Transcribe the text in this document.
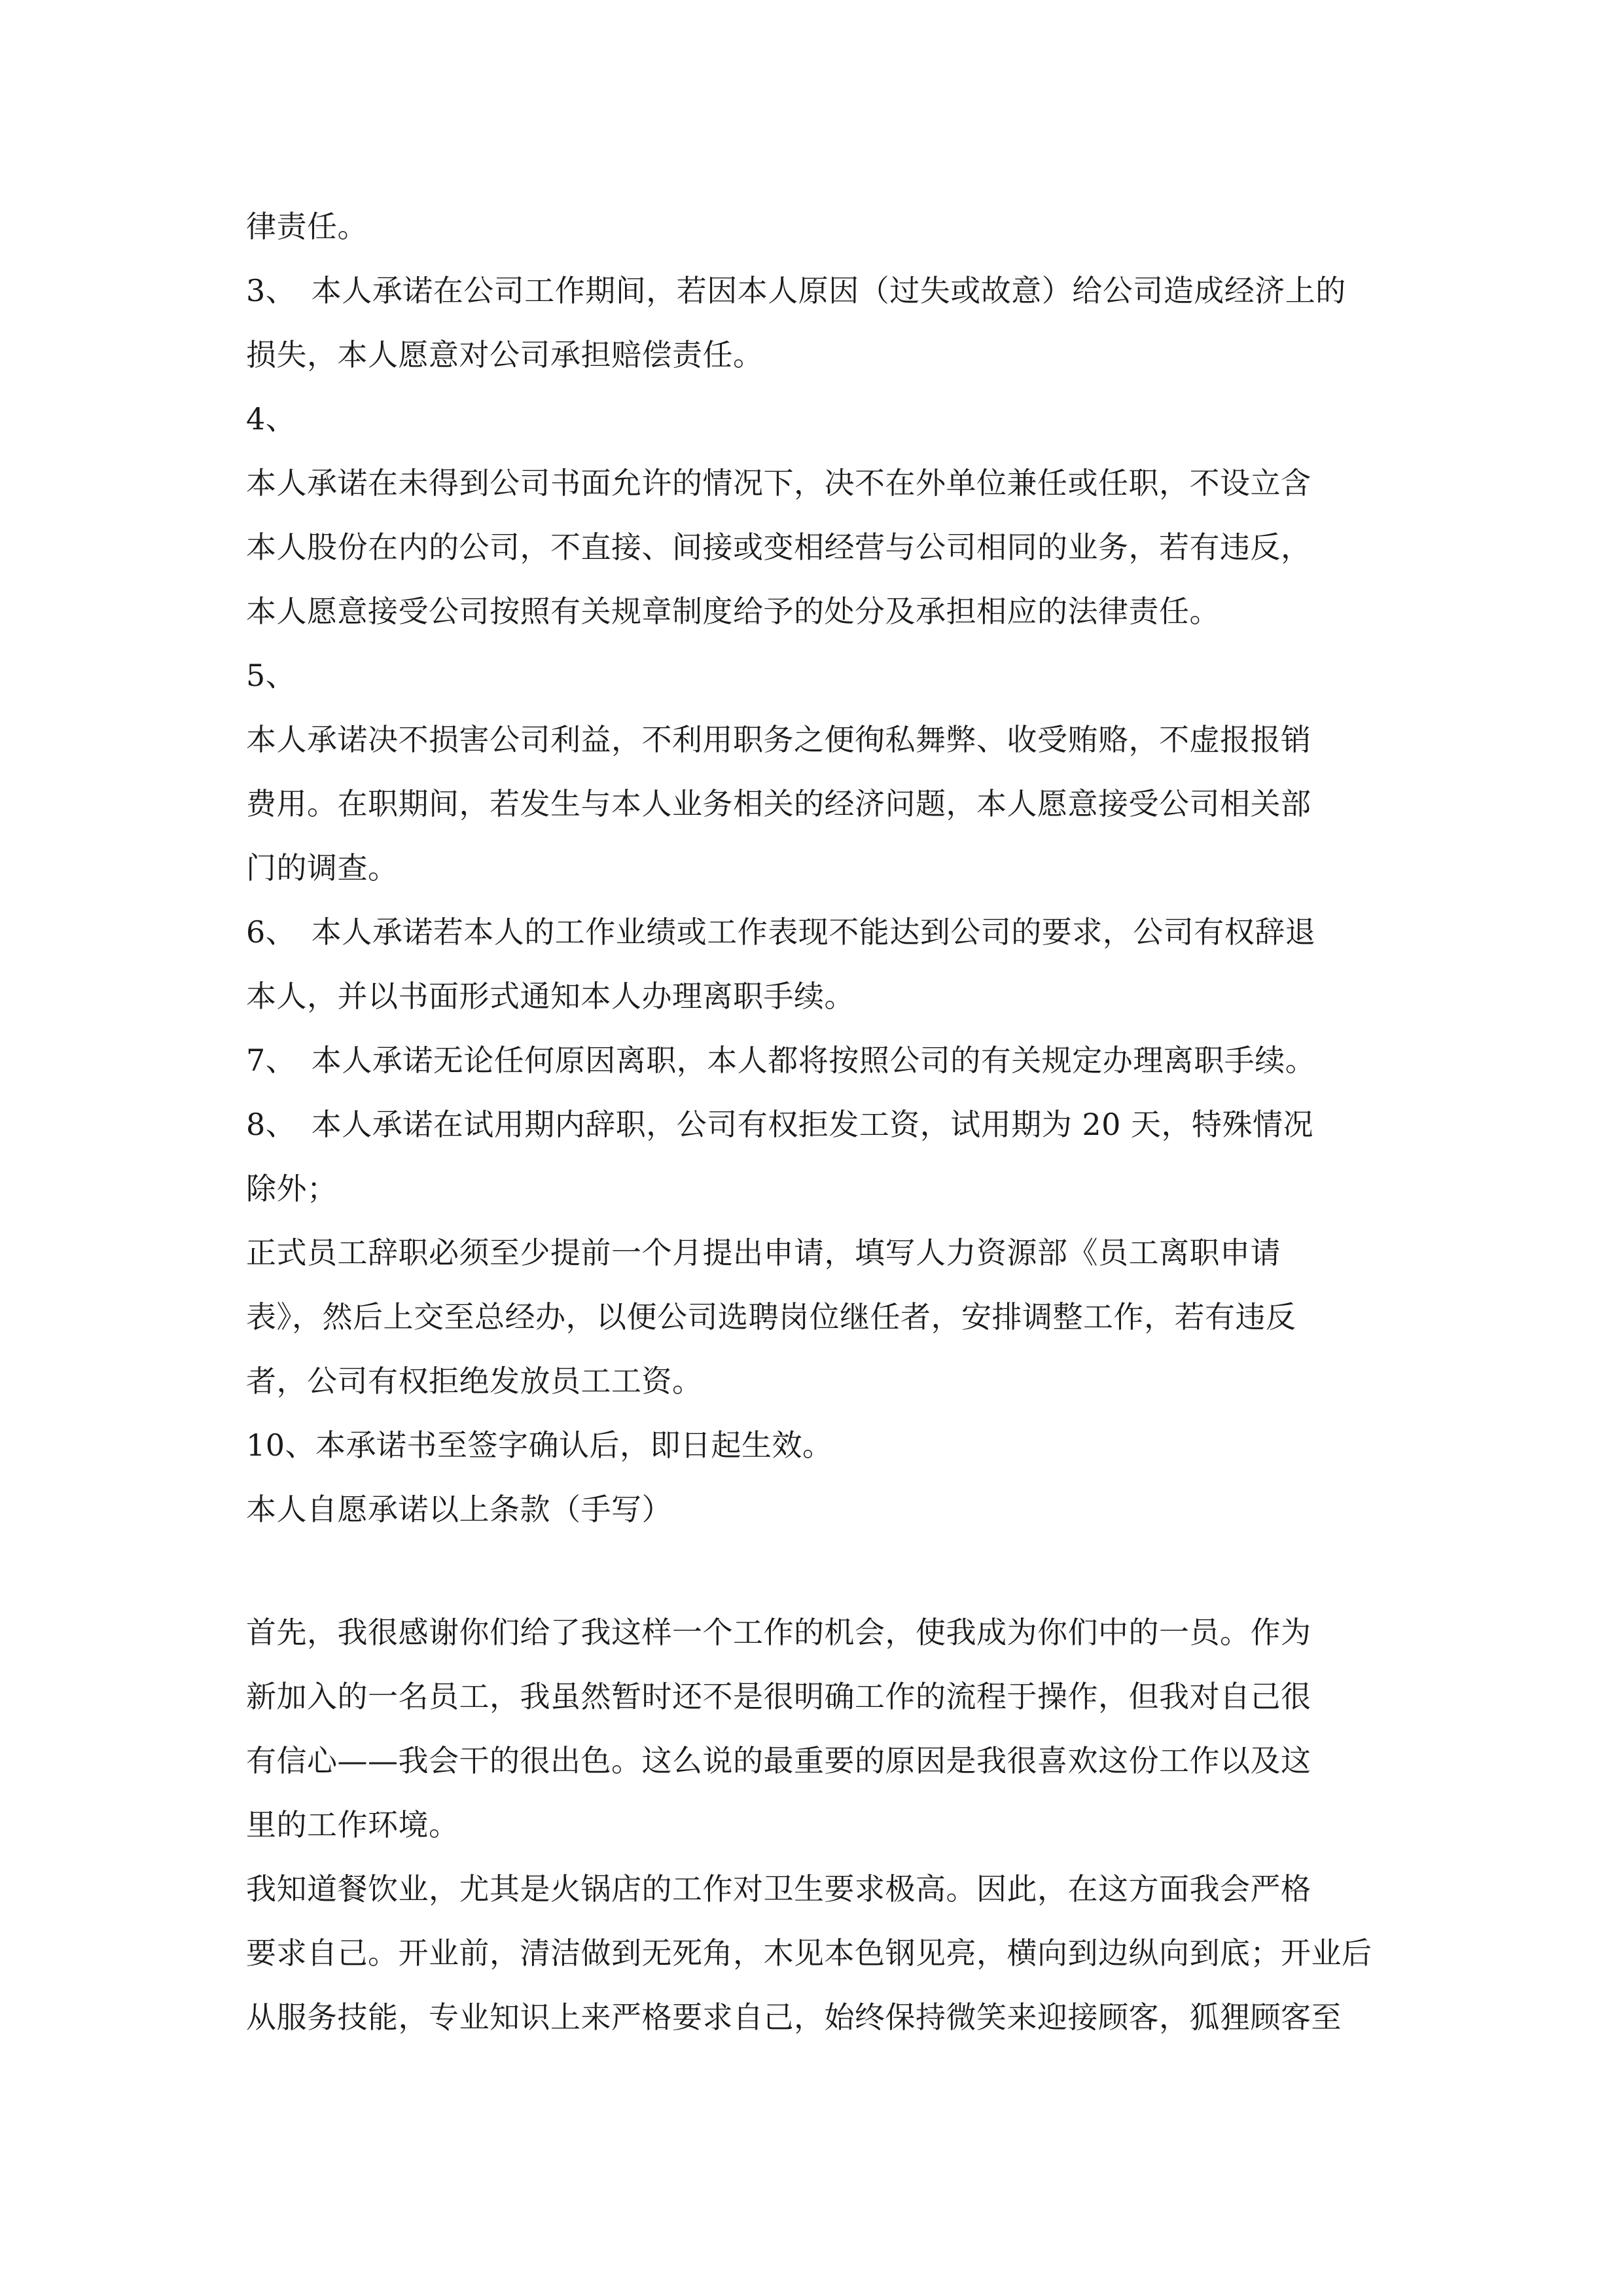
律责任。
3、　本人承诺在公司工作期间，若因本人原因（过失或故意）给公司造成经济上的
损失，本人愿意对公司承担赔偿责任。
4、
本人承诺在未得到公司书面允许的情况下，决不在外单位兼任或任职，不设立含
本人股份在内的公司，不直接、间接或变相经营与公司相同的业务，若有违反，
本人愿意接受公司按照有关规章制度给予的处分及承担相应的法律责任。
5、
本人承诺决不损害公司利益，不利用职务之便徇私舞弊、收受贿赂，不虚报报销
费用。在职期间，若发生与本人业务相关的经济问题，本人愿意接受公司相关部
门的调查。
6、　本人承诺若本人的工作业绩或工作表现不能达到公司的要求，公司有权辞退
本人，并以书面形式通知本人办理离职手续。
7、　本人承诺无论任何原因离职，本人都将按照公司的有关规定办理离职手续。
8、　本人承诺在试用期内辞职，公司有权拒发工资，试用期为 20 天，特殊情况
除外；
正式员工辞职必须至少提前一个月提出申请，填写人力资源部《员工离职申请
表》，然后上交至总经办，以便公司选聘岗位继任者，安排调整工作，若有违反
者，公司有权拒绝发放员工工资。
10、本承诺书至签字确认后，即日起生效。
本人自愿承诺以上条款（手写）
首先，我很感谢你们给了我这样一个工作的机会，使我成为你们中的一员。作为
新加入的一名员工，我虽然暂时还不是很明确工作的流程于操作，但我对自己很
有信心——我会干的很出色。这么说的最重要的原因是我很喜欢这份工作以及这
里的工作环境。
我知道餐饮业，尤其是火锅店的工作对卫生要求极高。因此，在这方面我会严格
要求自己。开业前，清洁做到无死角，木见本色钢见亮，横向到边纵向到底；开业后
从服务技能，专业知识上来严格要求自己，始终保持微笑来迎接顾客，狐狸顾客至
